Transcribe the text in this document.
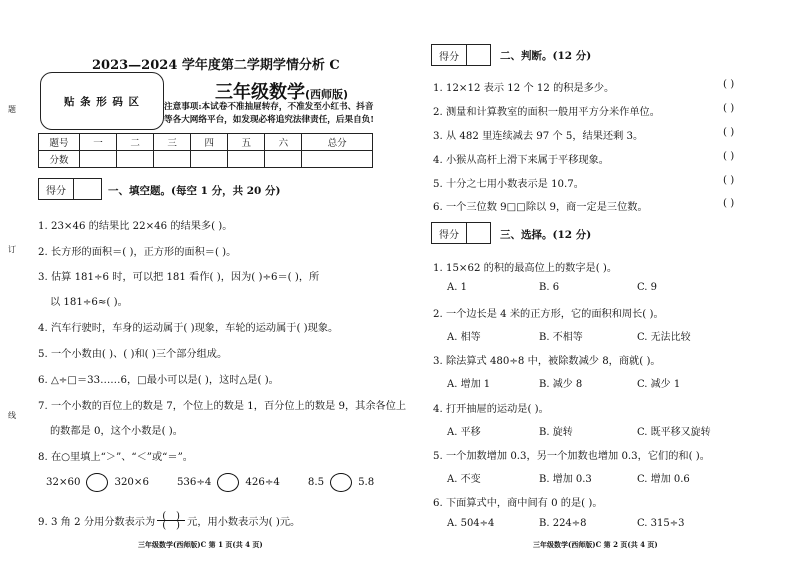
题
订
线
2023—2024 学年度第二学期学情分析 C
贴 条 形 码 区	三年级数学(西师版)
注意事项:本试卷不准抽屉转存，不准发至小红书、抖音等各大网络平台，如发现必将追究法律责任，后果自负!
题号	一	二	三	四	五	六	总分
分数							
得分	一、填空题。(每空 1 分，共 20 分)
1. 23×46 的结果比 22×46 的结果多( )。
2. 长方形的面积＝( )，正方形的面积＝( )。
3. 估算 181÷6 时，可以把 181 看作( )，因为( )÷6＝( )，所
以 181÷6≈( )。
4. 汽车行驶时，车身的运动属于( )现象，车轮的运动属于( )现象。
5. 一个小数由( )、( )和( )三个部分组成。
6. △÷□＝33……6，□最小可以是( )，这时△是( )。
7. 一个小数的百位上的数是 7，个位上的数是 1，百分位上的数是 9，其余各位上
的数都是 0，这个小数是( )。
8. 在○里填上“＞”、“＜”或“＝”。
32×60	320×6	536÷4	426÷4	8.5	5.8
9. 3 角 2 分用分数表示为 $\frac{( )}{( )}$ 元，用小数表示为( )元。
三年级数学(西师版)C 第 1 页(共 4 页)
得分	二、判断。(12 分)
1. 12×12 表示 12 个 12 的积是多少。	( )
2. 测量和计算教室的面积一般用平方分米作单位。	( )
3. 从 482 里连续减去 97 个 5，结果还剩 3。	( )
4. 小猴从高杆上滑下来属于平移现象。	( )
5. 十分之七用小数表示是 10.7。	( )
6. 一个三位数 9□□除以 9，商一定是三位数。	( )
得分	三、选择。(12 分)
1. 15×62 的积的最高位上的数字是( )。
A. 1	B. 6	C. 9
2. 一个边长是 4 米的正方形，它的面积和周长( )。
A. 相等	B. 不相等	C. 无法比较
3. 除法算式 480÷8 中，被除数减少 8，商就( )。
A. 增加 1	B. 减少 8	C. 减少 1
4. 打开抽屉的运动是( )。
A. 平移	B. 旋转	C. 既平移又旋转
5. 一个加数增加 0.3，另一个加数也增加 0.3，它们的和( )。
A. 不变	B. 增加 0.3	C. 增加 0.6
6. 下面算式中，商中间有 0 的是( )。
A. 504÷4	B. 224÷8	C. 315÷3
三年级数学(西师版)C 第 2 页(共 4 页)
